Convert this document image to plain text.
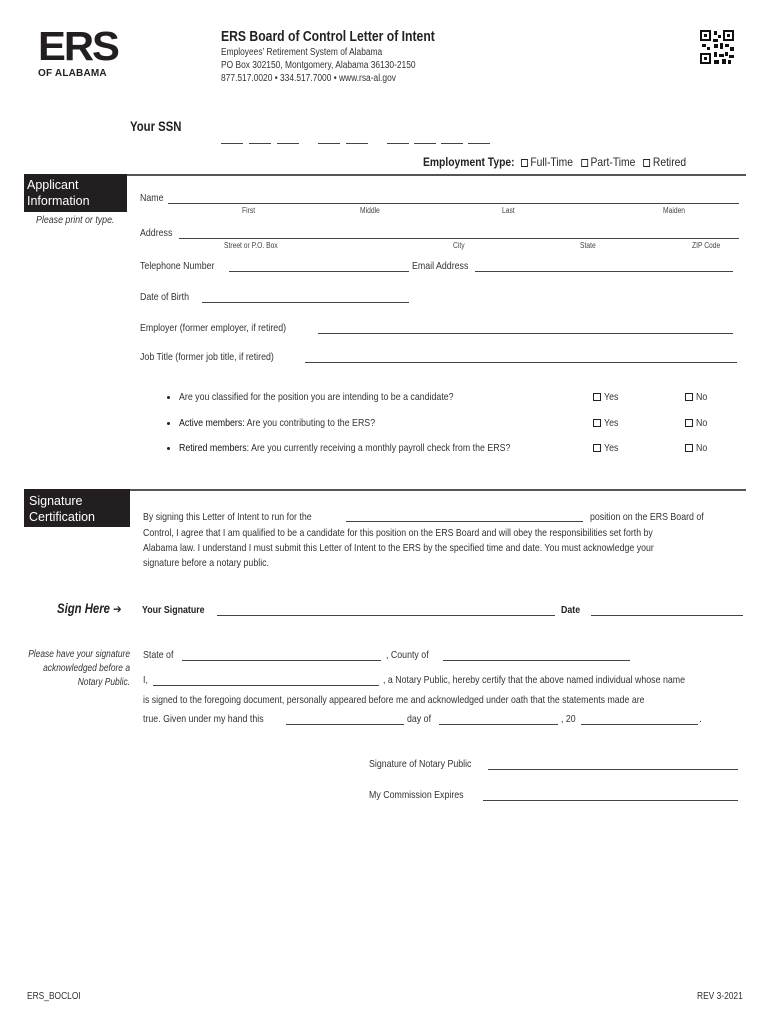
ERS
OF ALABAMA
ERS Board of Control Letter of Intent
Employees’ Retirement System of Alabama
PO Box 302150, Montgomery, Alabama 36130-2150
877.517.0020 • 334.517.7000 • www.rsa-al.gov
Your SSN
Employment Type: Full-Time Part-Time Retired
Applicant
Information
Please print or type.
Name
First	Middle	Last	Maiden
Address
Street or P.O. Box	City	State	ZIP Code
Telephone Number	Email Address
Date of Birth
Employer (former employer, if retired)
Job Title (former job title, if retired)
Are you classified for the position you are intending to be a candidate?	Yes	No
Active members: Are you contributing to the ERS?	Yes	No
Retired members: Are you currently receiving a monthly payroll check from the ERS?	Yes	No
Signature
Certification	By signing this Letter of Intent to run for the	position on the ERS Board of
Control, I agree that I am qualified to be a candidate for this position on the ERS Board and will obey the responsibilities set forth by
Alabama law. I understand I must submit this Letter of Intent to the ERS by the specified time and date. You must acknowledge your
signature before a notary public.
Sign Here ➔	Your Signature	Date
Please have your signature
acknowledged before a
Notary Public.
State of	, County of
I,	, a Notary Public, hereby certify that the above named individual whose name
is signed to the foregoing document, personally appeared before me and acknowledged under oath that the statements made are
true. Given under my hand this	day of	, 20	.
Signature of Notary Public
My Commission Expires
ERS_BOCLOI	REV 3-2021
